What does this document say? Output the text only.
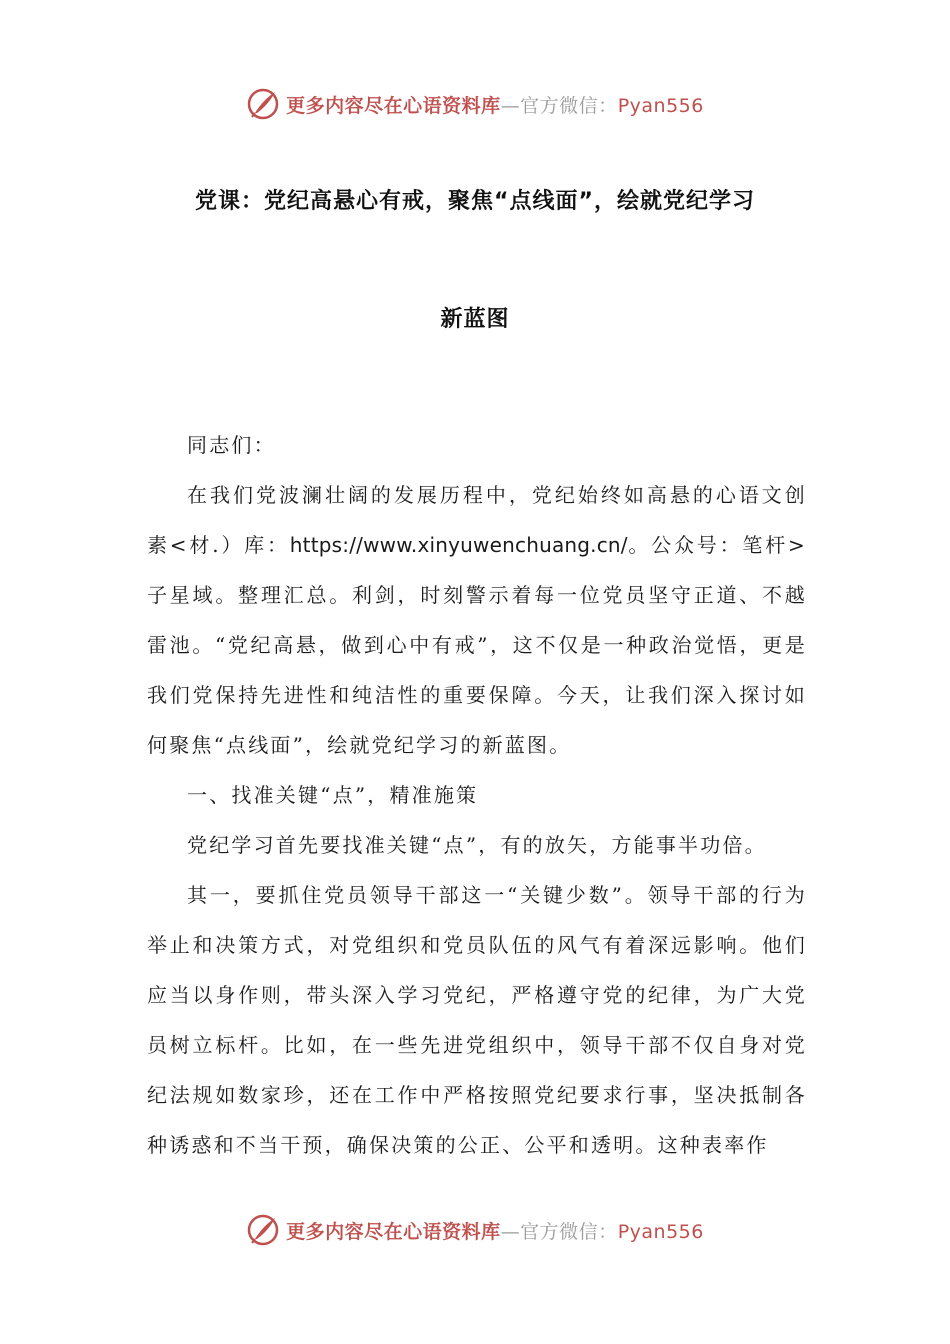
更多内容尽在心语资料库—官方微信：Pyan556
党课：党纪高悬心有戒，聚焦“点线面”，绘就党纪学习
新蓝图

同志们：

在我们党波澜壮阔的发展历程中，党纪始终如高悬的心语文创素<材.）库：https://www.xinyuwenchuang.cn/。公众号：笔杆>子星域。整理汇总。利剑，时刻警示着每一位党员坚守正道、不越雷池。“党纪高悬，做到心中有戒”，这不仅是一种政治觉悟，更是我们党保持先进性和纯洁性的重要保障。今天，让我们深入探讨如何聚焦“点线面”，绘就党纪学习的新蓝图。

一、找准关键“点”，精准施策

党纪学习首先要找准关键“点”，有的放矢，方能事半功倍。

其一，要抓住党员领导干部这一“关键少数”。领导干部的行为举止和决策方式，对党组织和党员队伍的风气有着深远影响。他们应当以身作则，带头深入学习党纪，严格遵守党的纪律，为广大党员树立标杆。比如，在一些先进党组织中，领导干部不仅自身对党纪法规如数家珍，还在工作中严格按照党纪要求行事，坚决抵制各种诱惑和不当干预，确保决策的公正、公平和透明。这种表率作

更多内容尽在心语资料库—官方微信：Pyan556
